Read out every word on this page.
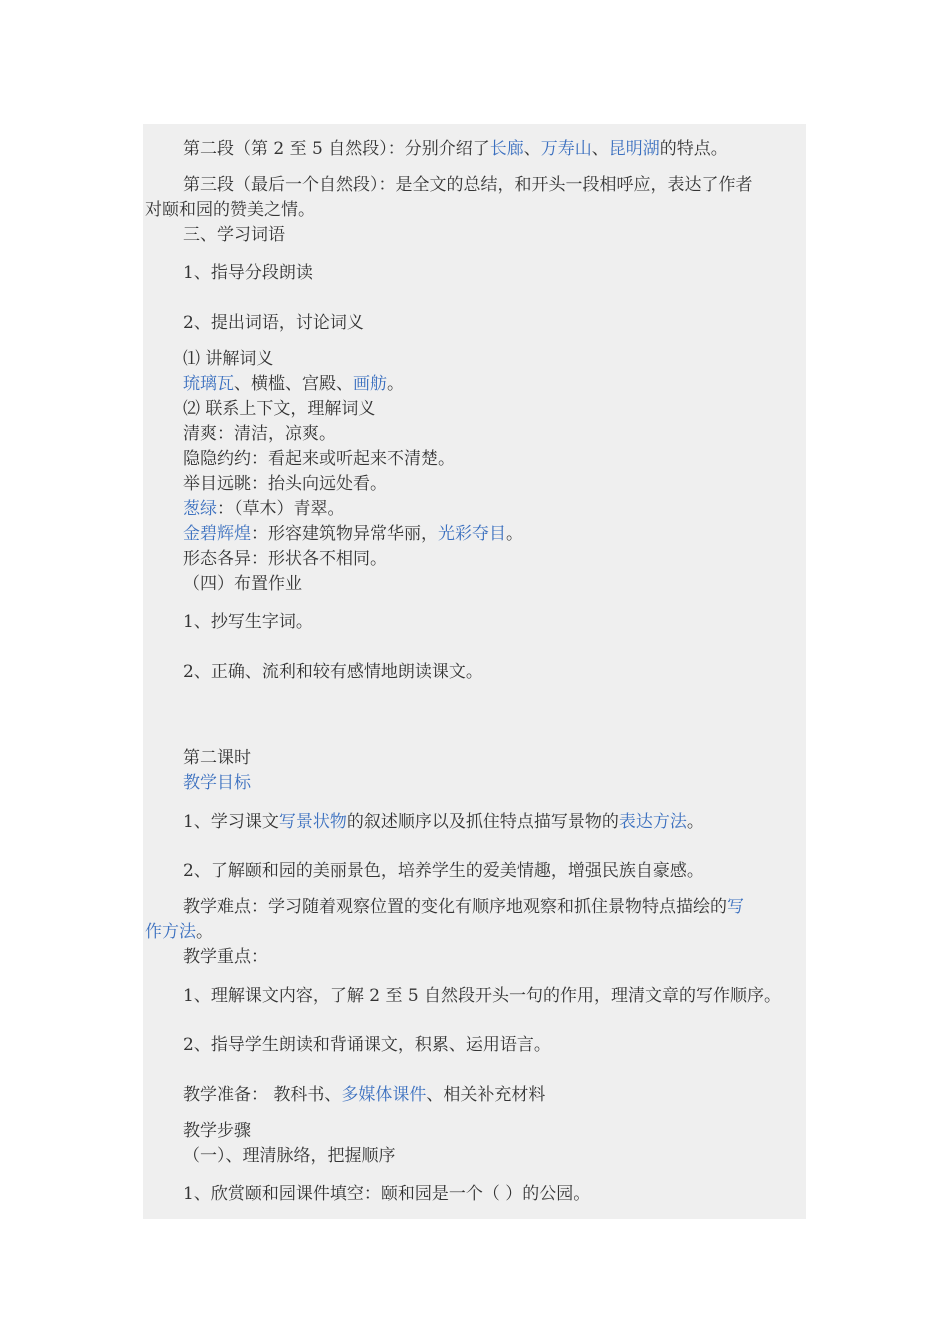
第二段（第 2 至 5 自然段）：分别介绍了长廊、万寿山、昆明湖的特点。
第三段（最后一个自然段）：是全文的总结，和开头一段相呼应，表达了作者
对颐和园的赞美之情。
三、学习词语
1、指导分段朗读
2、提出词语，讨论词义
⑴ 讲解词义
琉璃瓦、横槛、宫殿、画舫。
⑵ 联系上下文，理解词义
清爽：清洁，凉爽。
隐隐约约：看起来或听起来不清楚。
举目远眺：抬头向远处看。
葱绿：（草木）青翠。
金碧辉煌：形容建筑物异常华丽，光彩夺目。
形态各异：形状各不相同。
（四）布置作业
1、抄写生字词。
2、正确、流利和较有感情地朗读课文。
第二课时
教学目标
1、学习课文写景状物的叙述顺序以及抓住特点描写景物的表达方法。
2、了解颐和园的美丽景色，培养学生的爱美情趣，增强民族自豪感。
教学难点：学习随着观察位置的变化有顺序地观察和抓住景物特点描绘的写
作方法。
教学重点：
1、理解课文内容，了解 2 至 5 自然段开头一句的作用，理清文章的写作顺序。
2、指导学生朗读和背诵课文，积累、运用语言。
教学准备： 教科书、多媒体课件、相关补充材料
教学步骤
（一）、理清脉络，把握顺序
1、欣赏颐和园课件填空：颐和园是一个（ ）的公园。
